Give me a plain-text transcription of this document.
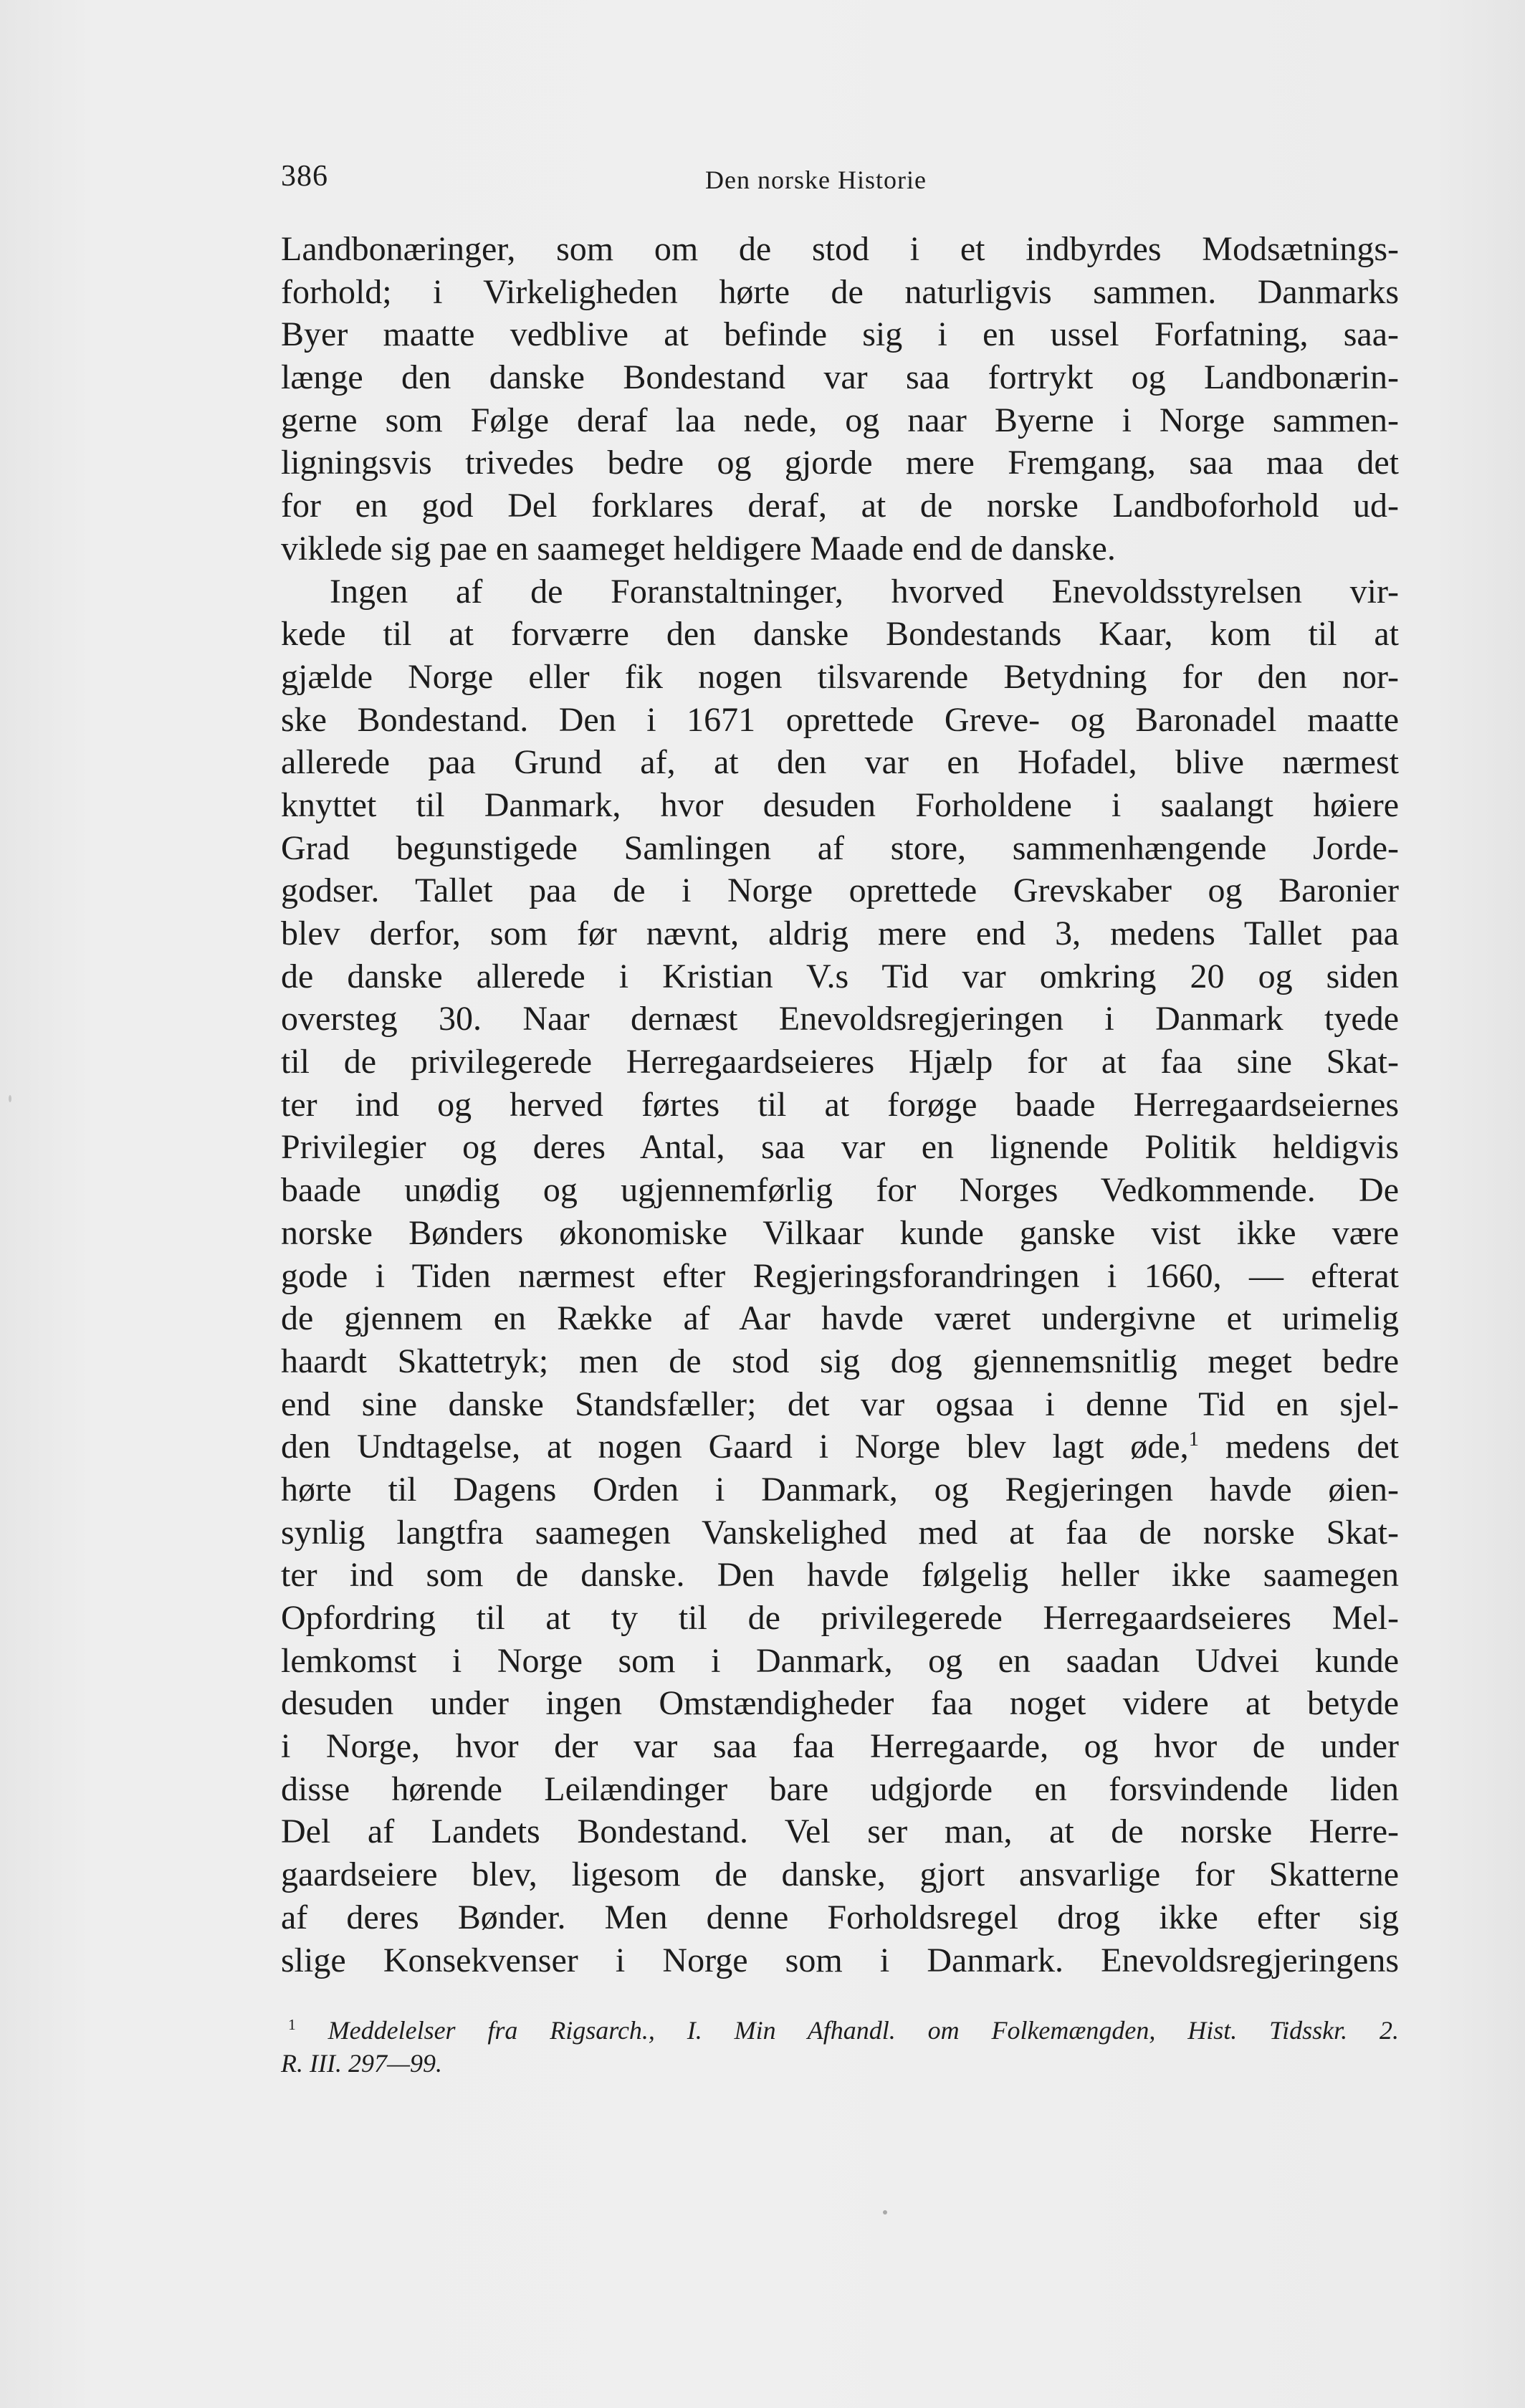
386	Den norske Historie
Landbonæringer, som om de stod i et indbyrdes Modsætnings-
forhold; i Virkeligheden hørte de naturligvis sammen. Danmarks
Byer maatte vedblive at befinde sig i en ussel Forfatning, saa-
længe den danske Bondestand var saa fortrykt og Landbonærin-
gerne som Følge deraf laa nede, og naar Byerne i Norge sammen-
ligningsvis trivedes bedre og gjorde mere Fremgang, saa maa det
for en god Del forklares deraf, at de norske Landboforhold ud-
viklede sig pae en saameget heldigere Maade end de danske.
Ingen af de Foranstaltninger, hvorved Enevoldsstyrelsen vir-
kede til at forværre den danske Bondestands Kaar, kom til at
gjælde Norge eller fik nogen tilsvarende Betydning for den nor-
ske Bondestand. Den i 1671 oprettede Greve- og Baronadel maatte
allerede paa Grund af, at den var en Hofadel, blive nærmest
knyttet til Danmark, hvor desuden Forholdene i saalangt høiere
Grad begunstigede Samlingen af store, sammenhængende Jorde-
godser. Tallet paa de i Norge oprettede Grevskaber og Baronier
blev derfor, som før nævnt, aldrig mere end 3, medens Tallet paa
de danske allerede i Kristian V.s Tid var omkring 20 og siden
oversteg 30. Naar dernæst Enevoldsregjeringen i Danmark tyede
til de privilegerede Herregaardseieres Hjælp for at faa sine Skat-
ter ind og herved førtes til at forøge baade Herregaardseiernes
Privilegier og deres Antal, saa var en lignende Politik heldigvis
baade unødig og ugjennemførlig for Norges Vedkommende. De
norske Bønders økonomiske Vilkaar kunde ganske vist ikke være
gode i Tiden nærmest efter Regjeringsforandringen i 1660, — efterat
de gjennem en Række af Aar havde været undergivne et urimelig
haardt Skattetryk; men de stod sig dog gjennemsnitlig meget bedre
end sine danske Standsfæller; det var ogsaa i denne Tid en sjel-
den Undtagelse, at nogen Gaard i Norge blev lagt øde,$^1$ medens det
hørte til Dagens Orden i Danmark, og Regjeringen havde øien-
synlig langtfra saamegen Vanskelighed med at faa de norske Skat-
ter ind som de danske. Den havde følgelig heller ikke saamegen
Opfordring til at ty til de privilegerede Herregaardseieres Mel-
lemkomst i Norge som i Danmark, og en saadan Udvei kunde
desuden under ingen Omstændigheder faa noget videre at betyde
i Norge, hvor der var saa faa Herregaarde, og hvor de under
disse hørende Leilændinger bare udgjorde en forsvindende liden
Del af Landets Bondestand. Vel ser man, at de norske Herre-
gaardseiere blev, ligesom de danske, gjort ansvarlige for Skatterne
af deres Bønder. Men denne Forholdsregel drog ikke efter sig
slige Konsekvenser i Norge som i Danmark. Enevoldsregjeringens
$^1$ Meddelelser fra Rigsarch., I. Min Afhandl. om Folkemængden, Hist. Tidsskr. 2.
R. III. 297—99.
